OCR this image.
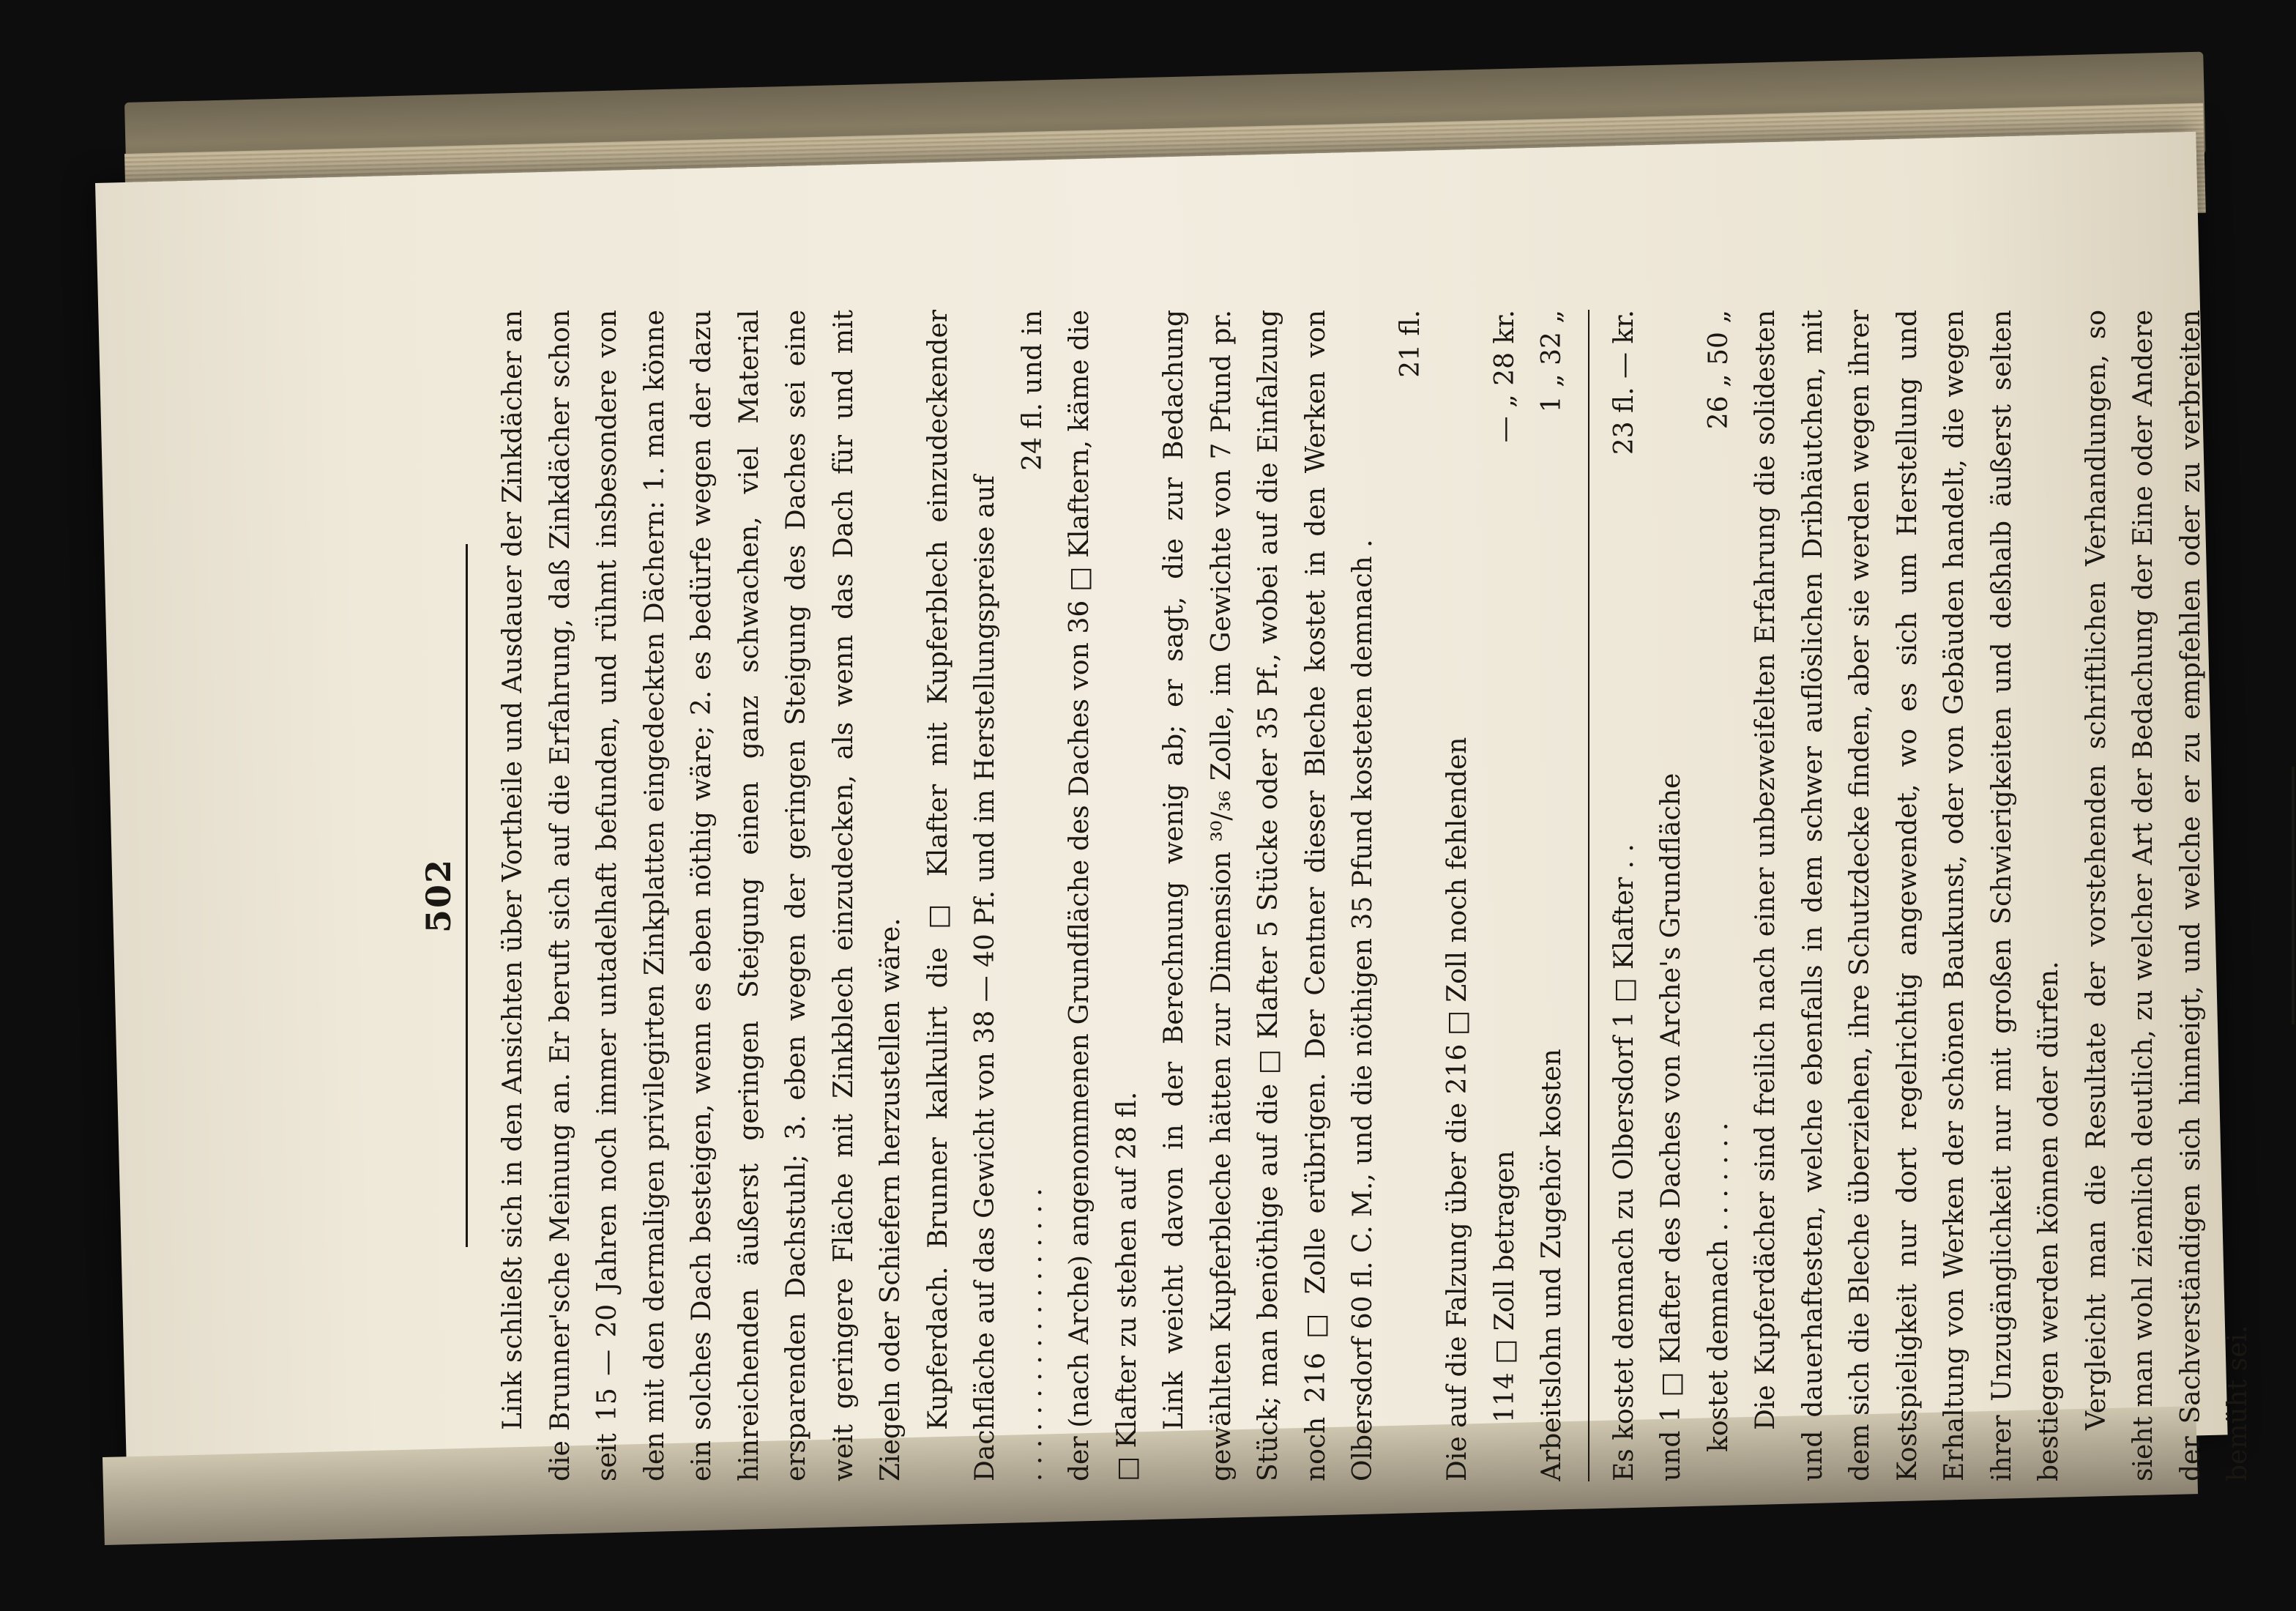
502	Link schließt sich in den Ansichten über Vortheile und Ausdauer der Zinkdächer an die Brunner'sche Meinung an. Er beruft sich auf die Erfahrung, daß Zinkdächer schon seit 15 — 20 Jahren noch immer untadelhaft befunden, und rühmt insbesondere von den mit den dermaligen privilegirten Zinkplatten eingedeckten Dächern: 1. man könne ein solches Dach besteigen, wenn es eben nöthig wäre; 2. es bedürfe wegen der dazu hinreichenden äußerst geringen Steigung einen ganz schwachen, viel Material ersparenden Dachstuhl; 3. eben wegen der geringen Steigung des Daches sei eine weit geringere Fläche mit Zinkblech einzudecken, als wenn das Dach für und mit Ziegeln oder Schiefern herzustellen wäre. Kupferdach. Brunner kalkulirt die □ Klafter mit Kupferblech einzudeckender Dachfläche auf das Gewicht von 38 — 40 Pf. und im Herstellungspreise auf . . . . . . . . . . . . . . . . . .
24 fl. und in der (nach Arche) angenommenen Grundfläche des Daches von 36 □ Klaftern, käme die □ Klafter zu stehen auf 28 fl. Link weicht davon in der Berechnung wenig ab; er sagt, die zur Bedachung gewählten Kupferbleche hätten zur Dimension ³⁰/₃₆ Zolle, im Gewichte von 7 Pfund pr. Stück; man benöthige auf die □ Klafter 5 Stücke oder 35 Pf., wobei auf die Einfalzung noch 216 □ Zolle erübrigen. Der Centner dieser Bleche kostet in den Werken von Olbersdorf 60 fl. C. M., und die nöthigen 35 Pfund kosteten demnach .

21 fl.

Die auf die Falzung über die 216 □ Zoll noch fehlenden 114 □ Zoll betragen
— „ 28 kr.
Arbeitslohn und Zugehör kosten
1 „ 32 „
Es kostet demnach zu Olbersdorf 1 □ Klafter . .
23 fl. — kr.
und 1 □ Klafter des Daches von Arche's Grundfläche kostet demnach . . . . . . .
26 „ 50 „ Die Kupferdächer sind freilich nach einer unbezweifelten Erfahrung die solidesten und dauerhaftesten, welche ebenfalls in dem schwer auflöslichen Dribhäutchen, mit dem sich die Bleche überziehen, ihre Schutzdecke finden, aber sie werden wegen ihrer Kostspieligkeit nur dort regelrichtig angewendet, wo es sich um Herstellung und Erhaltung von Werken der schönen Baukunst, oder von Gebäuden handelt, die wegen ihrer Unzugänglichkeit nur mit großen Schwierigkeiten und deßhalb äußerst selten bestiegen werden können oder dürfen. Vergleicht man die Resultate der vorstehenden schriftlichen Verhandlungen, so sieht man wohl ziemlich deutlich, zu welcher Art der Bedachung der Eine oder Andere der Sachverständigen sich hinneigt, und welche er zu empfehlen oder zu verbreiten bemüht sei.
